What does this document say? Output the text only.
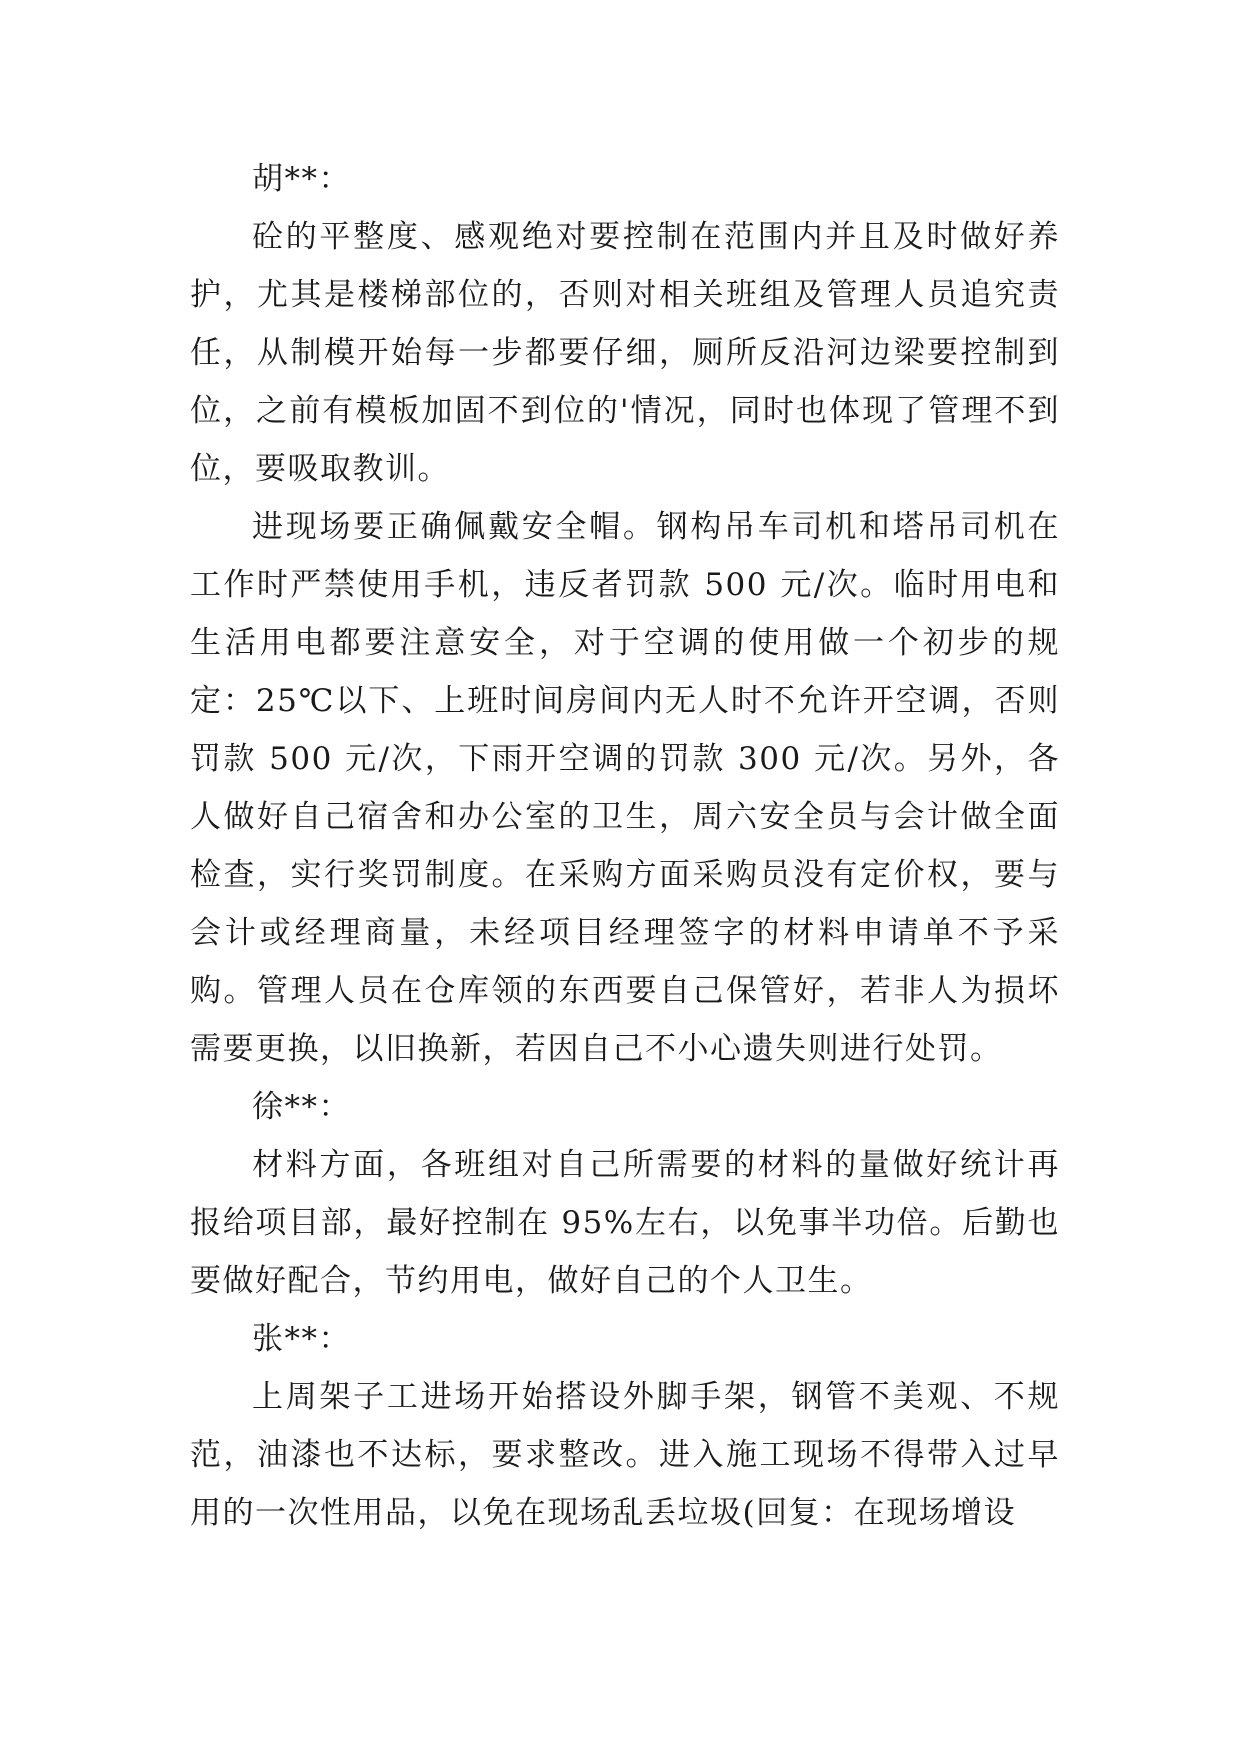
胡**：

砼的平整度、感观绝对要控制在范围内并且及时做好养护，尤其是楼梯部位的，否则对相关班组及管理人员追究责任，从制模开始每一步都要仔细，厕所反沿河边梁要控制到位，之前有模板加固不到位的'情况，同时也体现了管理不到位，要吸取教训。

进现场要正确佩戴安全帽。钢构吊车司机和塔吊司机在工作时严禁使用手机，违反者罚款 500 元/次。临时用电和生活用电都要注意安全，对于空调的使用做一个初步的规定：25℃以下、上班时间房间内无人时不允许开空调，否则罚款 500 元/次，下雨开空调的罚款 300 元/次。另外，各人做好自己宿舍和办公室的卫生，周六安全员与会计做全面检查，实行奖罚制度。在采购方面采购员没有定价权，要与会计或经理商量，未经项目经理签字的材料申请单不予采购。管理人员在仓库领的东西要自己保管好，若非人为损坏需要更换，以旧换新，若因自己不小心遗失则进行处罚。

徐**：

材料方面，各班组对自己所需要的材料的量做好统计再报给项目部，最好控制在 95%左右，以免事半功倍。后勤也要做好配合，节约用电，做好自己的个人卫生。

张**：

上周架子工进场开始搭设外脚手架，钢管不美观、不规范，油漆也不达标，要求整改。进入施工现场不得带入过早用的一次性用品，以免在现场乱丢垃圾(回复：在现场增设
